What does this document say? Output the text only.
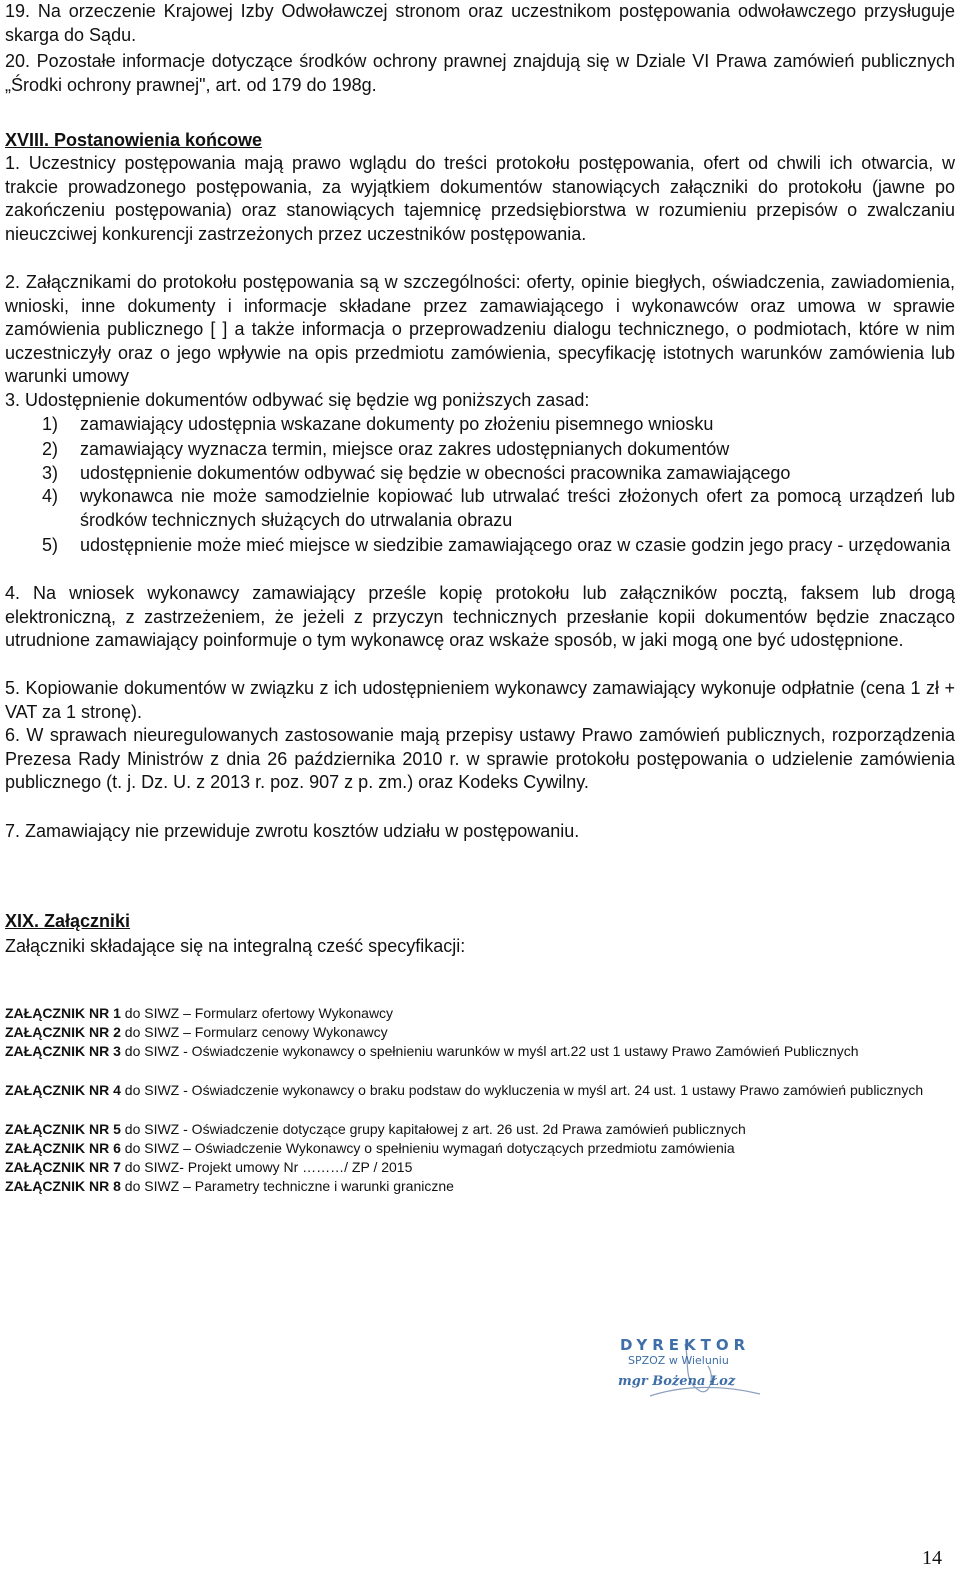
19. Na orzeczenie Krajowej Izby Odwoławczej stronom oraz uczestnikom postępowania odwoławczego przysługuje skarga do Sądu.

20. Pozostałe informacje dotyczące środków ochrony prawnej znajdują się w Dziale VI Prawa zamówień publicznych „Środki ochrony prawnej", art. od 179 do 198g.

XVIII. Postanowienia końcowe

1. Uczestnicy postępowania mają prawo wglądu do treści protokołu postępowania, ofert od chwili ich otwarcia, w trakcie prowadzonego postępowania, za wyjątkiem dokumentów stanowiących załączniki do protokołu (jawne po zakończeniu postępowania) oraz stanowiących tajemnicę przedsiębiorstwa w rozumieniu przepisów o zwalczaniu nieuczciwej konkurencji zastrzeżonych przez uczestników postępowania.

2. Załącznikami do protokołu postępowania są w szczególności: oferty, opinie biegłych, oświadczenia, zawiadomienia, wnioski, inne dokumenty i informacje składane przez zamawiającego i wykonawców oraz umowa w sprawie zamówienia publicznego [ ] a także informacja o przeprowadzeniu dialogu technicznego, o podmiotach, które w nim uczestniczyły oraz o jego wpływie na opis przedmiotu zamówienia, specyfikację istotnych warunków zamówienia lub warunki umowy

3. Udostępnienie dokumentów odbywać się będzie wg poniższych zasad:

1) zamawiający udostępnia wskazane dokumenty po złożeniu pisemnego wniosku

2) zamawiający wyznacza termin, miejsce oraz zakres udostępnianych dokumentów

3) udostępnienie dokumentów odbywać się będzie w obecności pracownika zamawiającego

4) wykonawca nie może samodzielnie kopiować lub utrwalać treści złożonych ofert za pomocą urządzeń lub środków technicznych służących do utrwalania obrazu

5) udostępnienie może mieć miejsce w siedzibie zamawiającego oraz w czasie godzin jego pracy - urzędowania

4. Na wniosek wykonawcy zamawiający prześle kopię protokołu lub załączników pocztą, faksem lub drogą elektroniczną, z zastrzeżeniem, że jeżeli z przyczyn technicznych przesłanie kopii dokumentów będzie znacząco utrudnione zamawiający poinformuje o tym wykonawcę oraz wskaże sposób, w jaki mogą one być udostępnione.

5. Kopiowanie dokumentów w związku z ich udostępnieniem wykonawcy zamawiający wykonuje odpłatnie (cena 1 zł + VAT za 1 stronę).

6. W sprawach nieuregulowanych zastosowanie mają przepisy ustawy Prawo zamówień publicznych, rozporządzenia Prezesa Rady Ministrów z dnia 26 października 2010 r. w sprawie protokołu postępowania o udzielenie zamówienia publicznego (t. j. Dz. U. z 2013 r. poz. 907 z p. zm.) oraz Kodeks Cywilny.

7. Zamawiający nie przewiduje zwrotu kosztów udziału w postępowaniu.

XIX. Załączniki

Załączniki składające się na integralną cześć specyfikacji:

ZAŁĄCZNIK NR 1 do SIWZ – Formularz ofertowy Wykonawcy

ZAŁĄCZNIK NR 2 do SIWZ – Formularz cenowy Wykonawcy

ZAŁĄCZNIK NR 3 do SIWZ - Oświadczenie wykonawcy o spełnieniu warunków w myśl art.22 ust 1 ustawy Prawo Zamówień Publicznych

ZAŁĄCZNIK NR 4 do SIWZ - Oświadczenie wykonawcy o braku podstaw do wykluczenia w myśl art. 24 ust. 1 ustawy Prawo zamówień publicznych

ZAŁĄCZNIK NR 5 do SIWZ - Oświadczenie dotyczące grupy kapitałowej z art. 26 ust. 2d Prawa zamówień publicznych

ZAŁĄCZNIK NR 6 do SIWZ – Oświadczenie Wykonawcy o spełnieniu wymagań dotyczących przedmiotu zamówienia

ZAŁĄCZNIK NR 7 do SIWZ- Projekt umowy Nr ………/ ZP / 2015

ZAŁĄCZNIK NR 8 do SIWZ – Parametry techniczne i warunki graniczne

DYREKTOR
SPZOZ w Wieluniu
mgr Bożena Łoz
14
